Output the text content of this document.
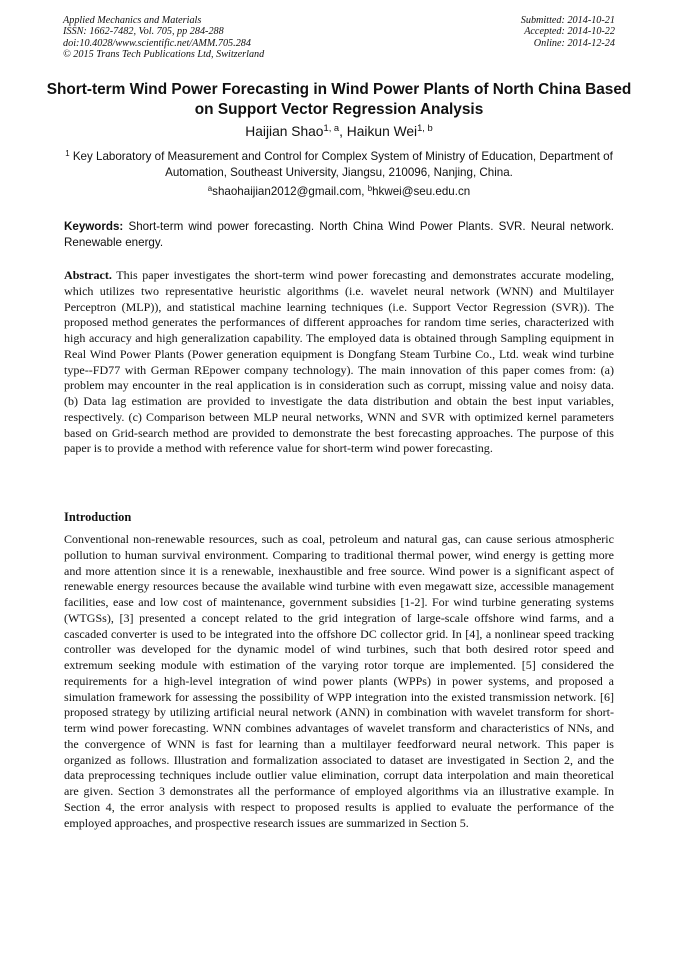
Applied Mechanics and Materials
ISSN: 1662-7482, Vol. 705, pp 284-288
doi:10.4028/www.scientific.net/AMM.705.284
© 2015 Trans Tech Publications Ltd, Switzerland
Submitted: 2014-10-21
Accepted: 2014-10-22
Online: 2014-12-24
Short-term Wind Power Forecasting in Wind Power Plants of North China Based on Support Vector Regression Analysis
Haijian Shao$^{1, a}$, Haikun Wei$^{1, b}$
$^1$ Key Laboratory of Measurement and Control for Complex System of Ministry of Education, Department of Automation, Southeast University, Jiangsu, 210096, Nanjing, China.
$^a$shaohaijian2012@gmail.com, $^b$hkwei@seu.edu.cn
Keywords: Short-term wind power forecasting. North China Wind Power Plants. SVR. Neural network. Renewable energy.
Abstract. This paper investigates the short-term wind power forecasting and demonstrates accurate modeling, which utilizes two representative heuristic algorithms (i.e. wavelet neural network (WNN) and Multilayer Perceptron (MLP)), and statistical machine learning techniques (i.e. Support Vector Regression (SVR)). The proposed method generates the performances of different approaches for random time series, characterized with high accuracy and high generalization capability. The employed data is obtained through Sampling equipment in Real Wind Power Plants (Power generation equipment is Dongfang Steam Turbine Co., Ltd. weak wind turbine type--FD77 with German REpower company technology). The main innovation of this paper comes from: (a) problem may encounter in the real application is in consideration such as corrupt, missing value and noisy data. (b) Data lag estimation are provided to investigate the data distribution and obtain the best input variables, respectively. (c) Comparison between MLP neural networks, WNN and SVR with optimized kernel parameters based on Grid-search method are provided to demonstrate the best forecasting approaches. The purpose of this paper is to provide a method with reference value for short-term wind power forecasting.
Introduction
Conventional non-renewable resources, such as coal, petroleum and natural gas, can cause serious atmospheric pollution to human survival environment. Comparing to traditional thermal power, wind energy is getting more and more attention since it is a renewable, inexhaustible and free source. Wind power is a significant aspect of renewable energy resources because the available wind turbine with even megawatt size, accessible management facilities, ease and low cost of maintenance, government subsidies [1-2]. For wind turbine generating systems (WTGSs), [3] presented a concept related to the grid integration of large-scale offshore wind farms, and a cascaded converter is used to be integrated into the offshore DC collector grid. In [4], a nonlinear speed tracking controller was developed for the dynamic model of wind turbines, such that both desired rotor speed and extremum seeking module with estimation of the varying rotor torque are implemented. [5] considered the requirements for a high-level integration of wind power plants (WPPs) in power systems, and proposed a simulation framework for assessing the possibility of WPP integration into the existed transmission network. [6] proposed strategy by utilizing artificial neural network (ANN) in combination with wavelet transform for short-term wind power forecasting. WNN combines advantages of wavelet transform and characteristics of NNs, and the convergence of WNN is fast for learning than a multilayer feedforward neural network. This paper is organized as follows. Illustration and formalization associated to dataset are investigated in Section 2, and the data preprocessing techniques include outlier value elimination, corrupt data interpolation and main theoretical are given. Section 3 demonstrates all the performance of employed algorithms via an illustrative example. In Section 4, the error analysis with respect to proposed results is applied to evaluate the performance of the employed approaches, and prospective research issues are summarized in Section 5.
